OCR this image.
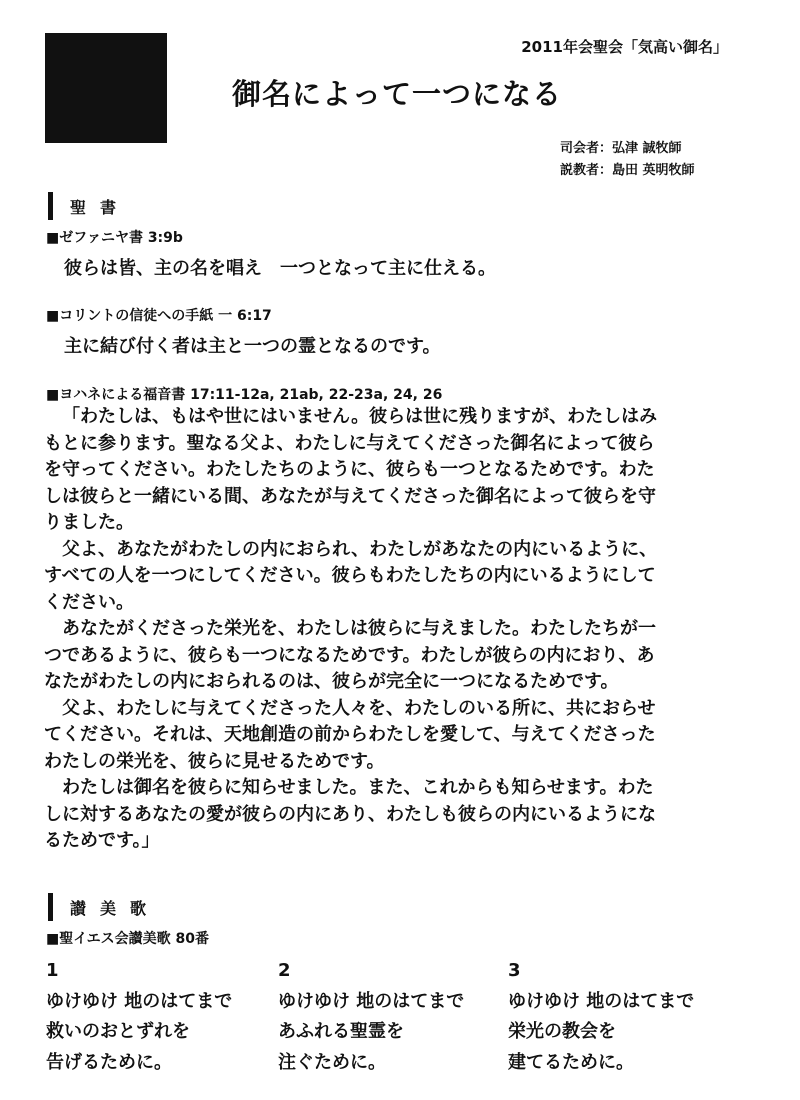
2011年会聖会「気高い御名」
御名によって一つになる
司会者：弘津 誠牧師
説教者：島田 英明牧師
聖書
■ゼファニヤ書 3:9b
彼らは皆、主の名を唱え　一つとなって主に仕える。
■コリントの信徒への手紙 一 6:17
主に結び付く者は主と一つの霊となるのです。
■ヨハネによる福音書 17:11-12a, 21ab, 22-23a, 24, 26

「わたしは、もはや世にはいません。彼らは世に残りますが、わたしはみ

もとに参ります。聖なる父よ、わたしに与えてくださった御名によって彼ら

を守ってください。わたしたちのように、彼らも一つとなるためです。わた

しは彼らと一緒にいる間、あなたが与えてくださった御名によって彼らを守

りました。

　父よ、あなたがわたしの内におられ、わたしがあなたの内にいるように、

すべての人を一つにしてください。彼らもわたしたちの内にいるようにして

ください。

　あなたがくださった栄光を、わたしは彼らに与えました。わたしたちが一

つであるように、彼らも一つになるためです。わたしが彼らの内におり、あ

なたがわたしの内におられるのは、彼らが完全に一つになるためです。

　父よ、わたしに与えてくださった人々を、わたしのいる所に、共におらせ

てください。それは、天地創造の前からわたしを愛して、与えてくださった

わたしの栄光を、彼らに見せるためです。

　わたしは御名を彼らに知らせました。また、これからも知らせます。わた

しに対するあなたの愛が彼らの内にあり、わたしも彼らの内にいるようにな

るためです。」

讃美歌
■聖イエス会讃美歌 80番
1
ゆけゆけ 地のはてまで
救いのおとずれを
告げるために。
2
ゆけゆけ 地のはてまで
あふれる聖霊を
注ぐために。
3
ゆけゆけ 地のはてまで
栄光の教会を
建てるために。
